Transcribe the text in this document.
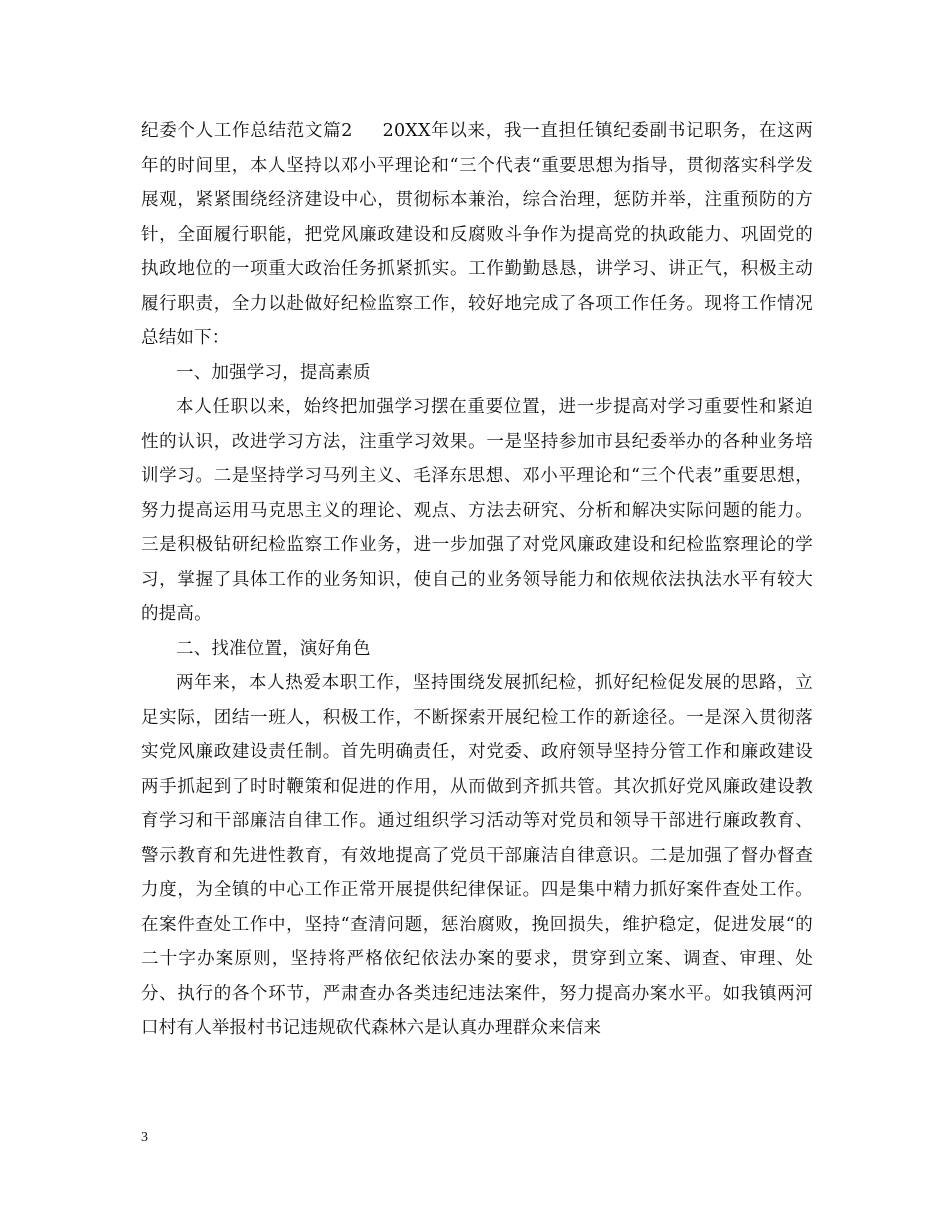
纪委个人工作总结范文篇2 20XX年以来，我一直担任镇纪委副书记职务，在这两年的时间里，本人坚持以邓小平理论和“三个代表“重要思想为指导，贯彻落实科学发展观，紧紧围绕经济建设中心，贯彻标本兼治，综合治理，惩防并举，注重预防的方针，全面履行职能，把党风廉政建设和反腐败斗争作为提高党的执政能力、巩固党的执政地位的一项重大政治任务抓紧抓实。工作勤勤恳恳，讲学习、讲正气，积极主动履行职责，全力以赴做好纪检监察工作，较好地完成了各项工作任务。现将工作情况总结如下：

一、加强学习，提高素质

本人任职以来，始终把加强学习摆在重要位置，进一步提高对学习重要性和紧迫性的认识，改进学习方法，注重学习效果。一是坚持参加市县纪委举办的各种业务培训学习。二是坚持学习马列主义、毛泽东思想、邓小平理论和“三个代表”重要思想，努力提高运用马克思主义的理论、观点、方法去研究、分析和解决实际问题的能力。三是积极钻研纪检监察工作业务，进一步加强了对党风廉政建设和纪检监察理论的学习，掌握了具体工作的业务知识，使自己的业务领导能力和依规依法执法水平有较大的提高。

二、找准位置，演好角色

两年来，本人热爱本职工作，坚持围绕发展抓纪检，抓好纪检促发展的思路，立足实际，团结一班人，积极工作，不断探索开展纪检工作的新途径。一是深入贯彻落实党风廉政建设责任制。首先明确责任，对党委、政府领导坚持分管工作和廉政建设两手抓起到了时时鞭策和促进的作用，从而做到齐抓共管。其次抓好党风廉政建设教育学习和干部廉洁自律工作。通过组织学习活动等对党员和领导干部进行廉政教育、警示教育和先进性教育，有效地提高了党员干部廉洁自律意识。二是加强了督办督查力度，为全镇的中心工作正常开展提供纪律保证。四是集中精力抓好案件查处工作。在案件查处工作中，坚持“查清问题，惩治腐败，挽回损失，维护稳定，促进发展“的二十字办案原则，坚持将严格依纪依法办案的要求，贯穿到立案、调查、审理、处分、执行的各个环节，严肃查办各类违纪违法案件，努力提高办案水平。如我镇两河口村有人举报村书记违规砍代森林六是认真办理群众来信来

3
